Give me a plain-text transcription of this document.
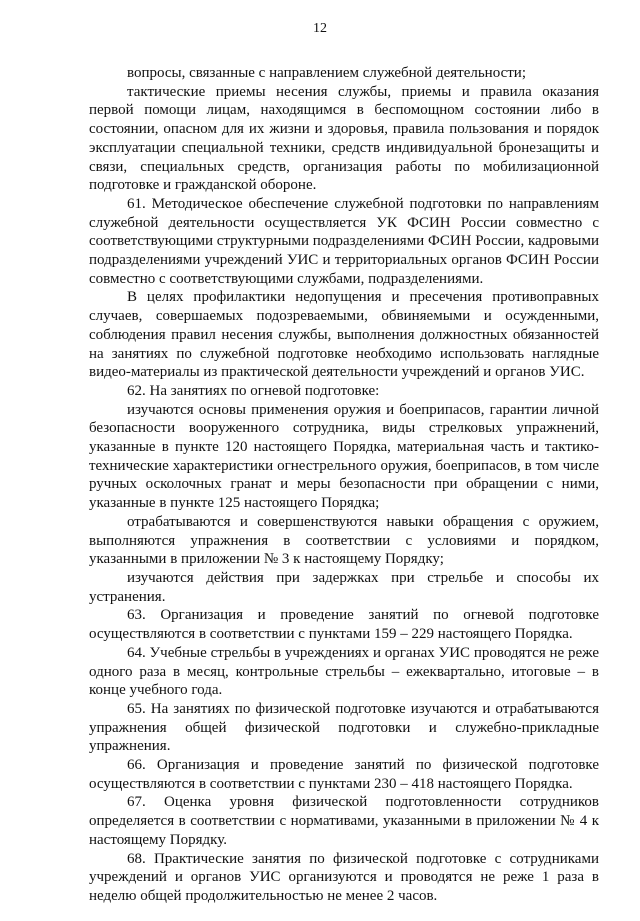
12

вопросы, связанные с направлением служебной деятельности;

тактические приемы несения службы, приемы и правила оказания первой помощи лицам, находящимся в беспомощном состоянии либо в состоянии, опасном для их жизни и здоровья, правила пользования и порядок эксплуатации специальной техники, средств индивидуальной бронезащиты и связи, специальных средств, организация работы по мобилизационной подготовке и гражданской обороне.

61. Методическое обеспечение служебной подготовки по направлениям служебной деятельности осуществляется УК ФСИН России совместно с соответствующими структурными подразделениями ФСИН России, кадровыми подразделениями учреждений УИС и территориальных органов ФСИН России совместно с соответствующими службами, подразделениями.

В целях профилактики недопущения и пресечения противоправных случаев, совершаемых подозреваемыми, обвиняемыми и осужденными, соблюдения правил несения службы, выполнения должностных обязанностей на занятиях по служебной подготовке необходимо использовать наглядные видео-материалы из практической деятельности учреждений и органов УИС.

62. На занятиях по огневой подготовке:

изучаются основы применения оружия и боеприпасов, гарантии личной безопасности вооруженного сотрудника, виды стрелковых упражнений, указанные в пункте 120 настоящего Порядка, материальная часть и тактико-технические характеристики огнестрельного оружия, боеприпасов, в том числе ручных осколочных гранат и меры безопасности при обращении с ними, указанные в пункте 125 настоящего Порядка;

отрабатываются и совершенствуются навыки обращения с оружием, выполняются упражнения в соответствии с условиями и порядком, указанными в приложении № 3 к настоящему Порядку;

изучаются действия при задержках при стрельбе и способы их устранения.

63. Организация и проведение занятий по огневой подготовке осуществляются в соответствии с пунктами 159 – 229 настоящего Порядка.

64. Учебные стрельбы в учреждениях и органах УИС проводятся не реже одного раза в месяц, контрольные стрельбы – ежеквартально, итоговые – в конце учебного года.

65. На занятиях по физической подготовке изучаются и отрабатываются упражнения общей физической подготовки и служебно-прикладные упражнения.

66. Организация и проведение занятий по физической подготовке осуществляются в соответствии с пунктами 230 – 418 настоящего Порядка.

67. Оценка уровня физической подготовленности сотрудников определяется в соответствии с нормативами, указанными в приложении № 4 к настоящему Порядку.

68. Практические занятия по физической подготовке с сотрудниками учреждений и органов УИС организуются и проводятся не реже 1 раза в неделю общей продолжительностью не менее 2 часов.
